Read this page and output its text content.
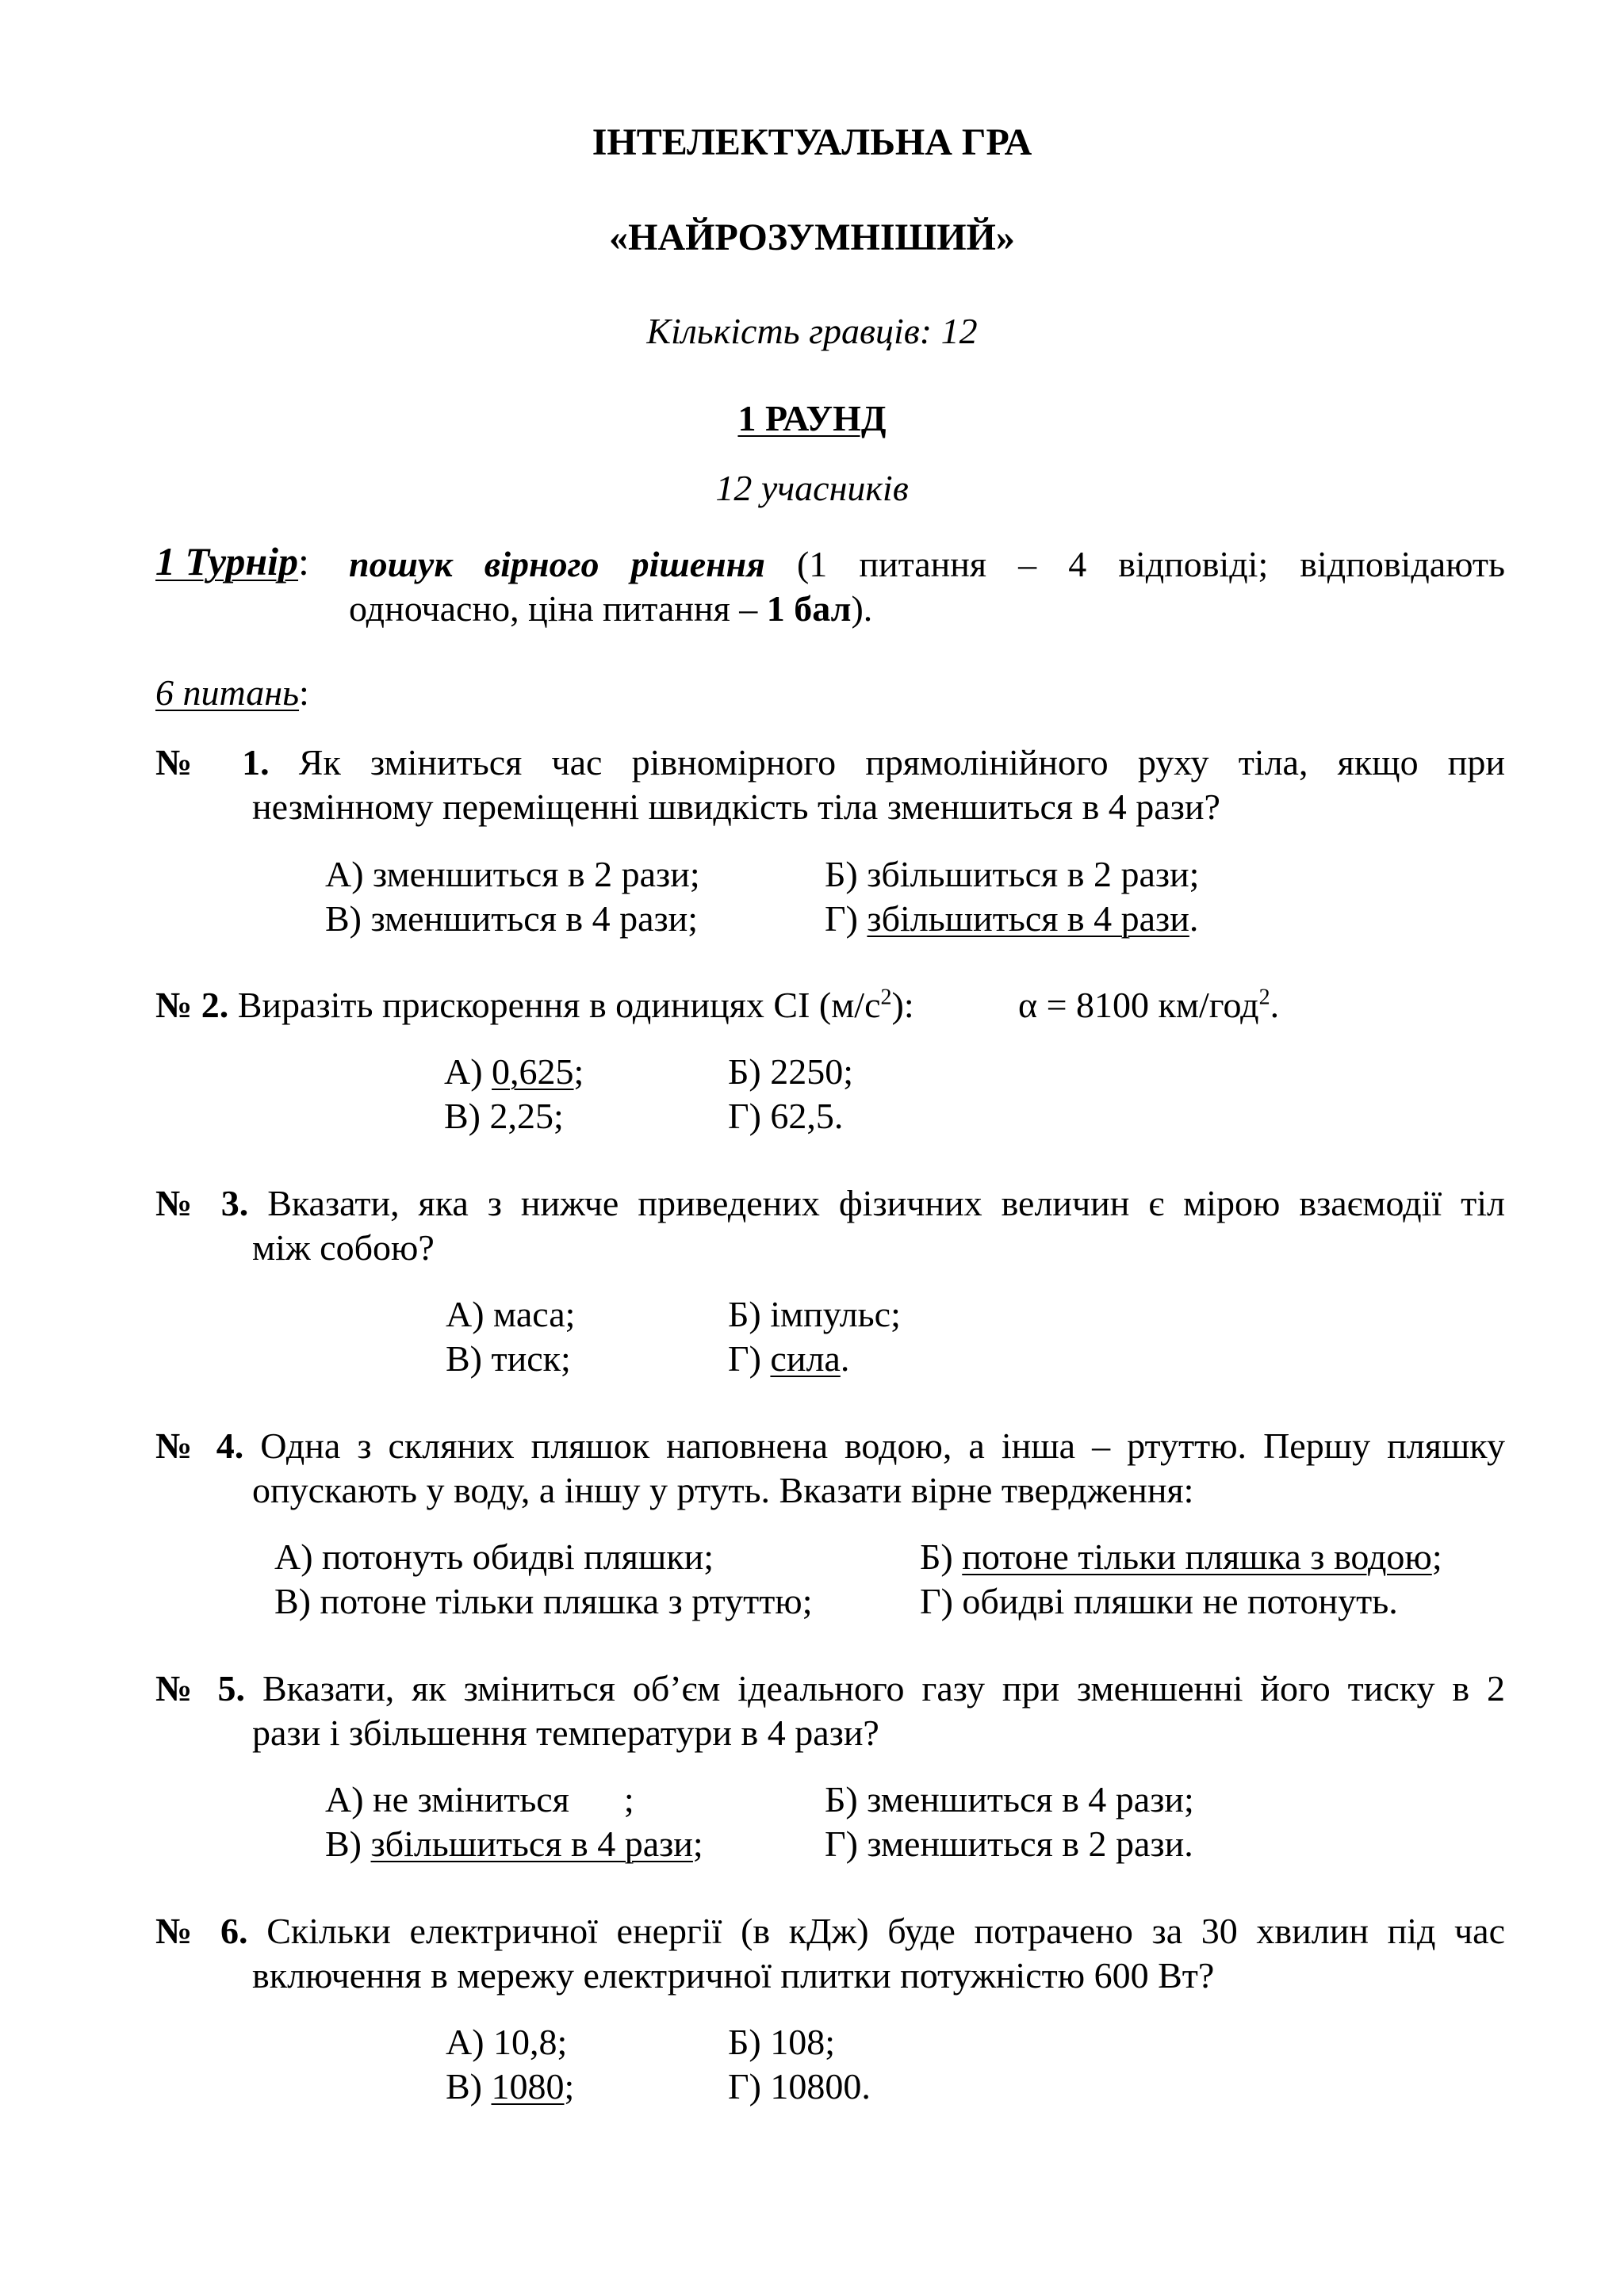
ІНТЕЛЕКТУАЛЬНА ГРА
«НАЙРОЗУМНІШИЙ»
Кількість гравців: 12
1 РАУНД
12 учасників
1 Турнір: пошук вірного рішення (1 питання – 4 відповіді; відповідають
одночасно, ціна питання – 1 бал).
6 питань:
№ 1. Як зміниться час рівномірного прямолінійного руху тіла, якщо при
незмінному переміщенні швидкість тіла зменшиться в 4 рази?
А) зменшиться в 2 рази;	Б) збільшиться в 2 рази;
В) зменшиться в 4 рази;	Г) збільшиться в 4 рази.
№ 2. Виразіть прискорення в одиницях СІ $(м/с^2)$:	α = 8100 км/год$^2$.
А) 0,625;	Б) 2250;
В) 2,25;	Г) 62,5.
№ 3. Вказати, яка з нижче приведених фізичних величин є мірою взаємодії тіл
між собою?
А) маса;	Б) імпульс;
В) тиск;	Г) сила.
№ 4. Одна з скляних пляшок наповнена водою, а інша – ртуттю. Першу пляшку
опускають у воду, а іншу у ртуть. Вказати вірне твердження:
А) потонуть обидві пляшки;	Б) потоне тільки пляшка з водою;
В) потоне тільки пляшка з ртуттю;	Г) обидві пляшки не потонуть.
№ 5. Вказати, як зміниться об’єм ідеального газу при зменшенні його тиску в 2
рази і збільшення температури в 4 рази?
А) не зміниться      ;	Б) зменшиться в 4 рази;
В) збільшиться в 4 рази;	Г) зменшиться в 2 рази.
№ 6. Скільки електричної енергії (в кДж) буде потрачено за 30 хвилин під час
включення в мережу електричної плитки потужністю 600 Вт?
А) 10,8;	Б) 108;
В) 1080;	Г) 10800.
